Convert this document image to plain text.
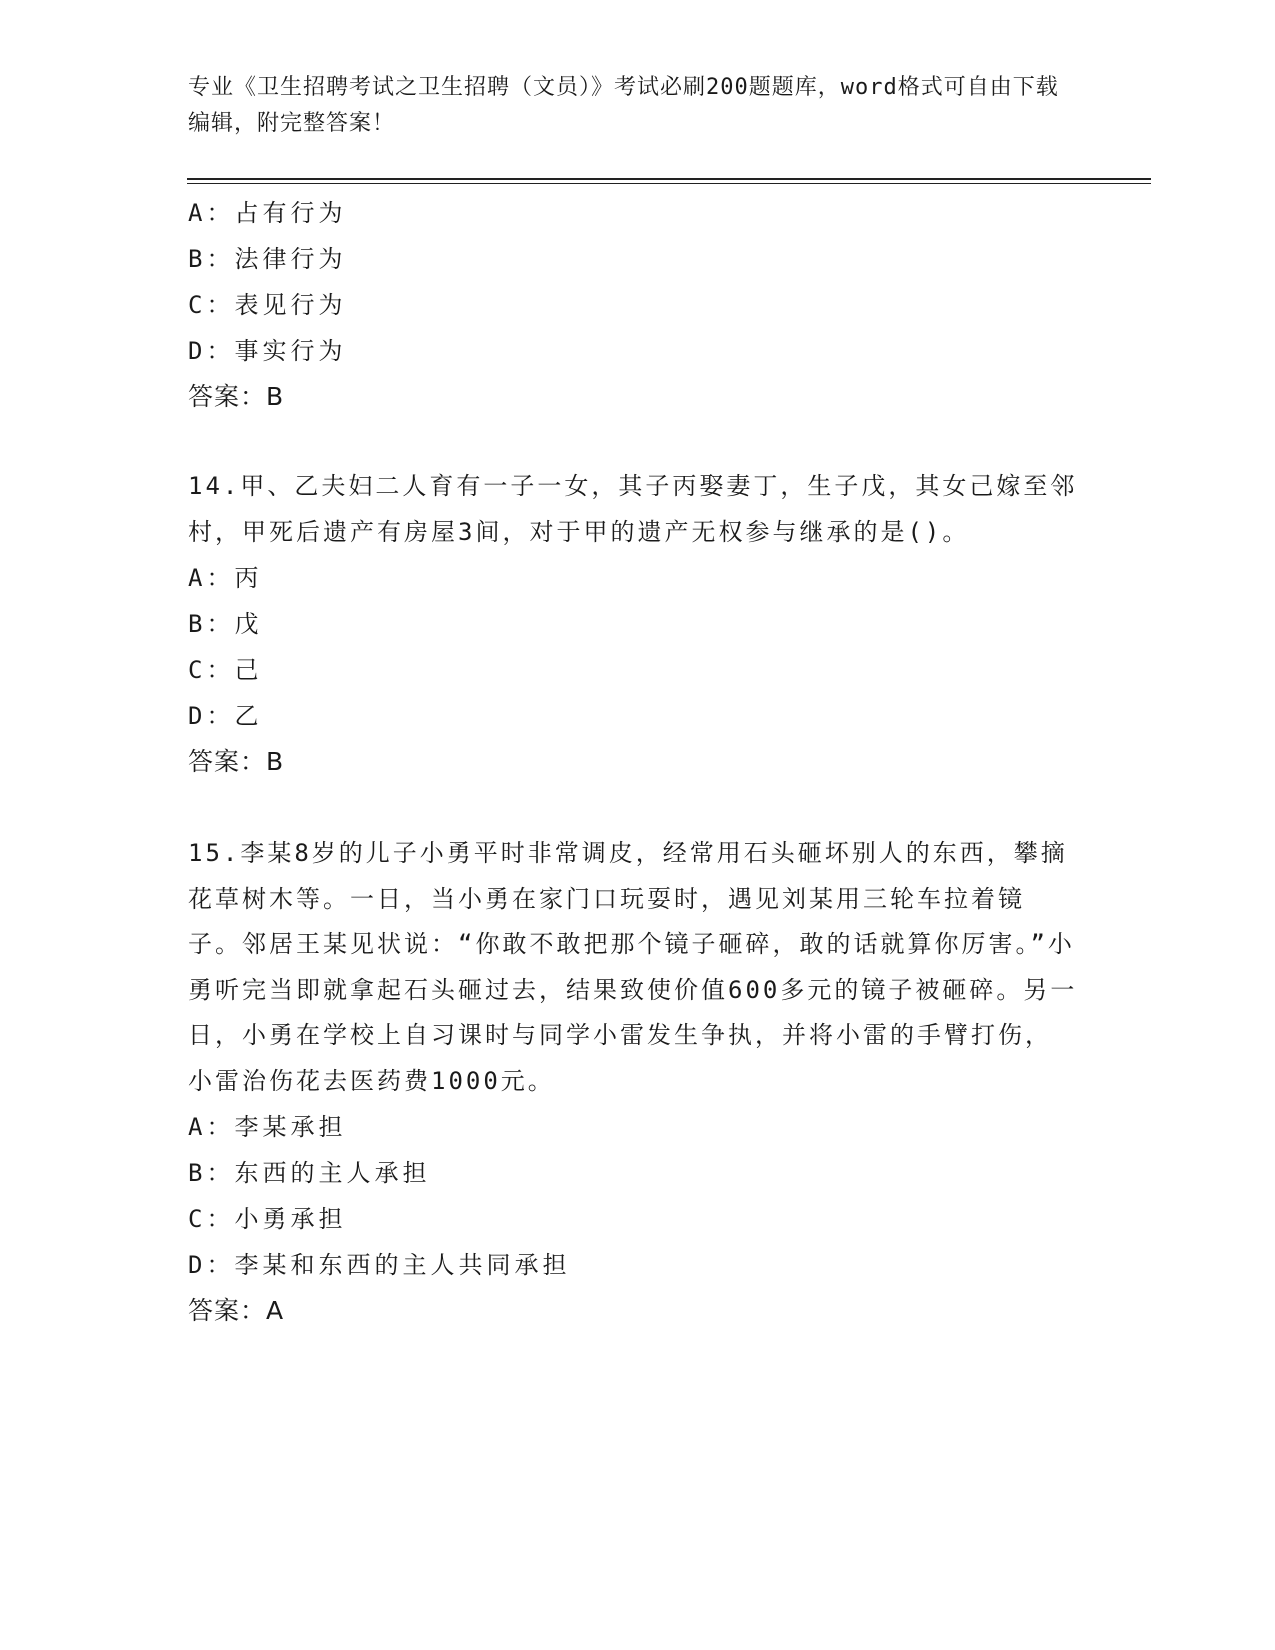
专业《卫生招聘考试之卫生招聘（文员）》考试必刷200题题库，word格式可自由下载编辑，附完整答案！
A：占有行为
B：法律行为
C：表见行为
D：事实行为
答案：B
14.甲、乙夫妇二人育有一子一女，其子丙娶妻丁，生子戊，其女己嫁至邻村，甲死后遗产有房屋3间，对于甲的遗产无权参与继承的是()。
A：丙
B：戊
C：己
D：乙
答案：B
15.李某8岁的儿子小勇平时非常调皮，经常用石头砸坏别人的东西，攀摘花草树木等。一日，当小勇在家门口玩耍时，遇见刘某用三轮车拉着镜子。邻居王某见状说：“你敢不敢把那个镜子砸碎，敢的话就算你厉害。”小勇听完当即就拿起石头砸过去，结果致使价值600多元的镜子被砸碎。另一日，小勇在学校上自习课时与同学小雷发生争执，并将小雷的手臂打伤，小雷治伤花去医药费1000元。
A：李某承担
B：东西的主人承担
C：小勇承担
D：李某和东西的主人共同承担
答案：A
